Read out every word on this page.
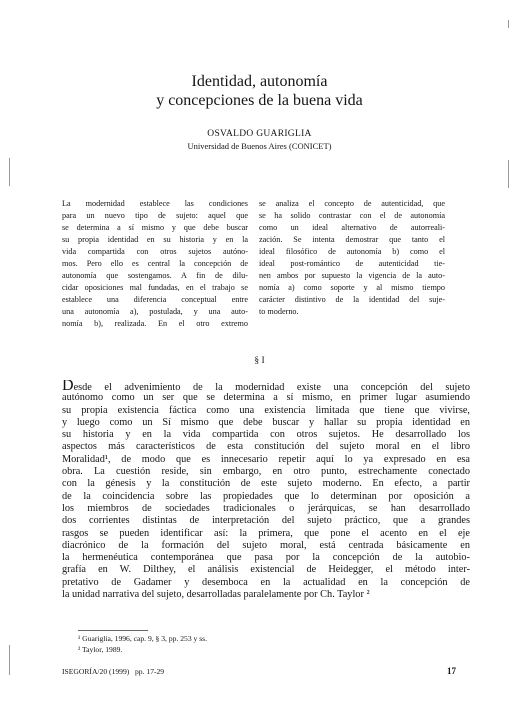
Identidad, autonomía
y concepciones de la buena vida
OSVALDO GUARIGLIA
Universidad de Buenos Aires (CONICET)
La modernidad establece las condiciones
para un nuevo tipo de sujeto: aquel que
se determina a sí mismo y que debe buscar
su propia identidad en su historia y en la
vida compartida con otros sujetos autóno-
mos. Pero ello es central la concepción de
autonomía que sostengamos. A fin de dilu-
cidar oposiciones mal fundadas, en el trabajo se
establece una diferencia conceptual entre
una autonomía a), postulada, y una auto-
nomía b), realizada. En el otro extremo
se analiza el concepto de autenticidad, que
se ha solido contrastar con el de autonomía
como un ideal alternativo de autorreali-
zación. Se intenta demostrar que tanto el
ideal filosófico de autonomía b) como el
ideal post-romántico de autenticidad tie-
nen ambos por supuesto la vigencia de la auto-
nomía a) como soporte y al mismo tiempo
carácter distintivo de la identidad del suje-
to moderno.
§ I
Desde el advenimiento de la modernidad existe una concepción del sujeto
autónomo como un ser que se determina a sí mismo, en primer lugar asumiendo
su propia existencia fáctica como una existencia limitada que tiene que vivirse,
y luego como un Sí mismo que debe buscar y hallar su propia identidad en
su historia y en la vida compartida con otros sujetos. He desarrollado los
aspectos más característicos de esta constitución del sujeto moral en el libro
Moralidad¹, de modo que es innecesario repetir aquí lo ya expresado en esa
obra. La cuestión reside, sin embargo, en otro punto, estrechamente conectado
con la génesis y la constitución de este sujeto moderno. En efecto, a partir
de la coincidencia sobre las propiedades que lo determinan por oposición a
los miembros de sociedades tradicionales o jerárquicas, se han desarrollado
dos corrientes distintas de interpretación del sujeto práctico, que a grandes
rasgos se pueden identificar así: la primera, que pone el acento en el eje
diacrónico de la formación del sujeto moral, está centrada básicamente en
la hermenéutica contemporánea que pasa por la concepción de la autobio-
grafía en W. Dilthey, el análisis existencial de Heidegger, el método inter-
pretativo de Gadamer y desemboca en la actualidad en la concepción de
la unidad narrativa del sujeto, desarrolladas paralelamente por Ch. Taylor ²
¹ Guariglia, 1996, cap. 9, § 3, pp. 253 y ss.
² Taylor, 1989.
ISEGORÍA/20 (1999) pp. 17-29	17
